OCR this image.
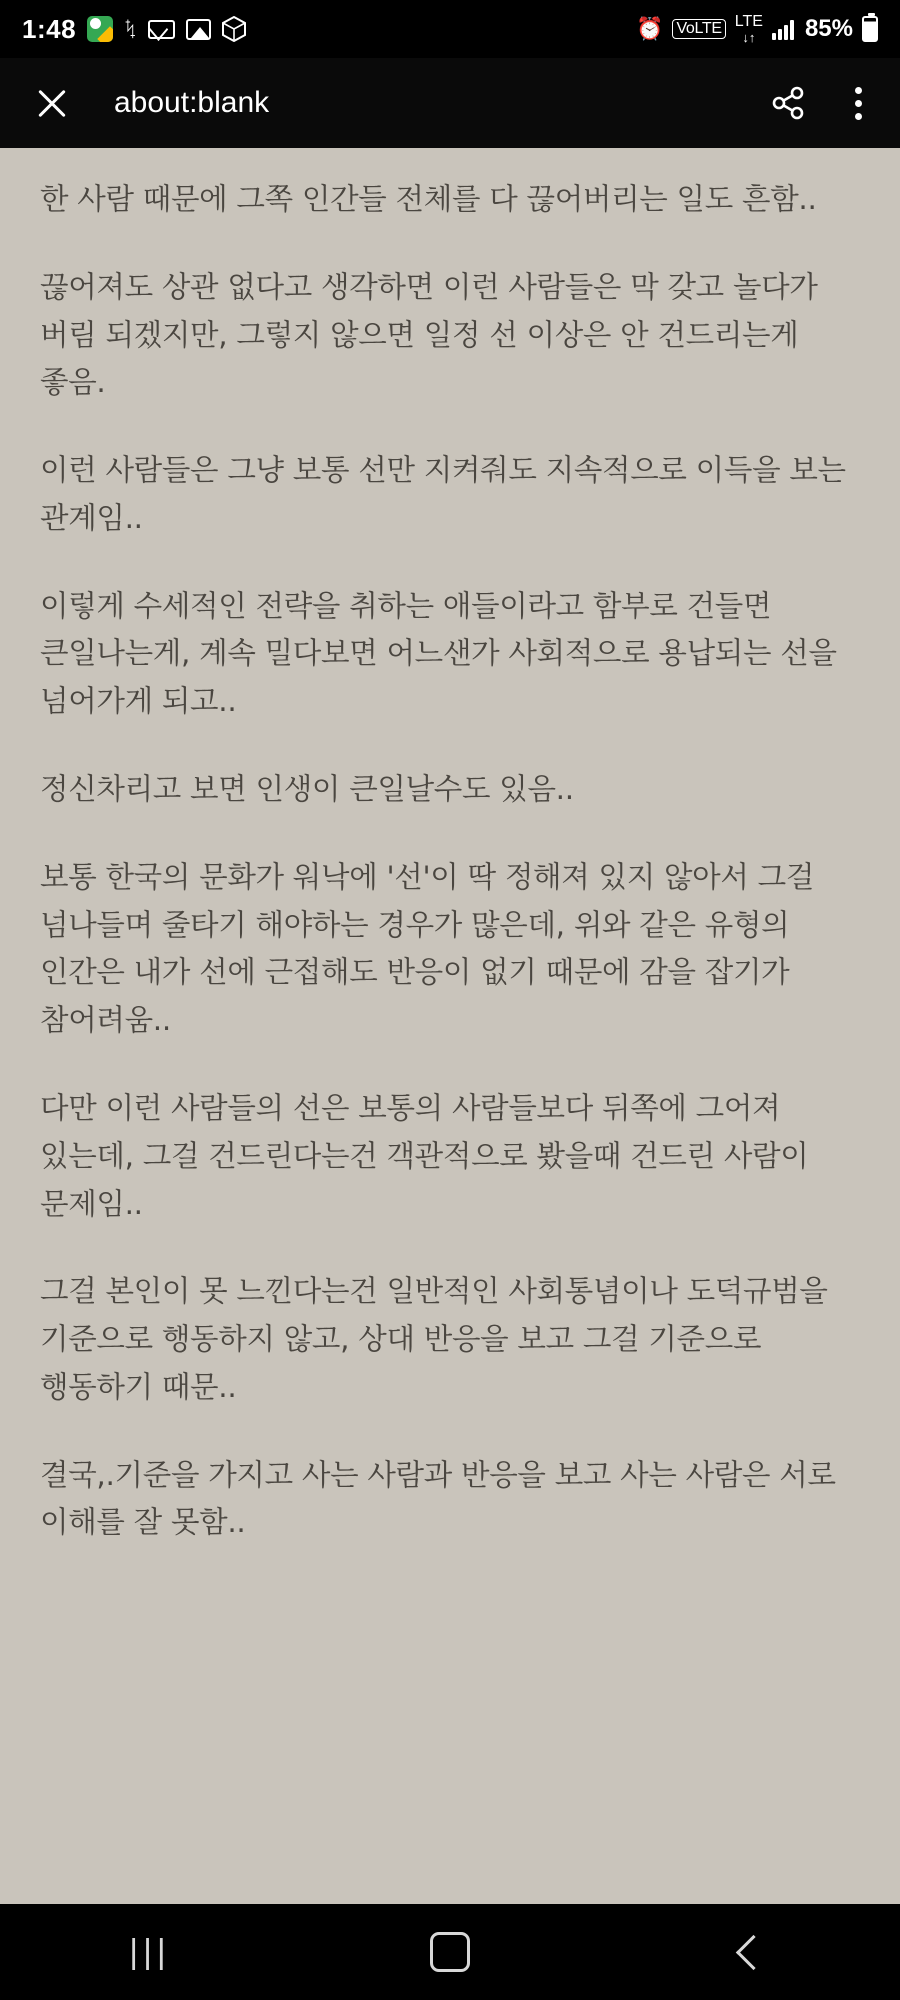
1:48 ᛪ	⏰ VoLTE LTE
↓↑ 85%
about:blank

한 사람 때문에 그쪽 인간들 전체를 다 끊어버리는 일도 흔함..

끊어져도 상관 없다고 생각하면 이런 사람들은 막 갖고 놀다가 버림 되겠지만, 그렇지 않으면 일정 선 이상은 안 건드리는게 좋음.

이런 사람들은 그냥 보통 선만 지켜줘도 지속적으로 이득을 보는 관계임..

이렇게 수세적인 전략을 취하는 애들이라고 함부로 건들면 큰일나는게, 계속 밀다보면 어느샌가 사회적으로 용납되는 선을 넘어가게 되고..

정신차리고 보면 인생이 큰일날수도 있음..

보통 한국의 문화가 워낙에 '선'이 딱 정해져 있지 않아서 그걸 넘나들며 줄타기 해야하는 경우가 많은데, 위와 같은 유형의 인간은 내가 선에 근접해도 반응이 없기 때문에 감을 잡기가 참어려움..

다만 이런 사람들의 선은 보통의 사람들보다 뒤쪽에 그어져 있는데, 그걸 건드린다는건 객관적으로 봤을때 건드린 사람이 문제임..

그걸 본인이 못 느낀다는건 일반적인 사회통념이나 도덕규범을 기준으로 행동하지 않고, 상대 반응을 보고 그걸 기준으로 행동하기 때문..

결국,.기준을 가지고 사는 사람과 반응을 보고 사는 사람은 서로 이해를 잘 못함..

|||
